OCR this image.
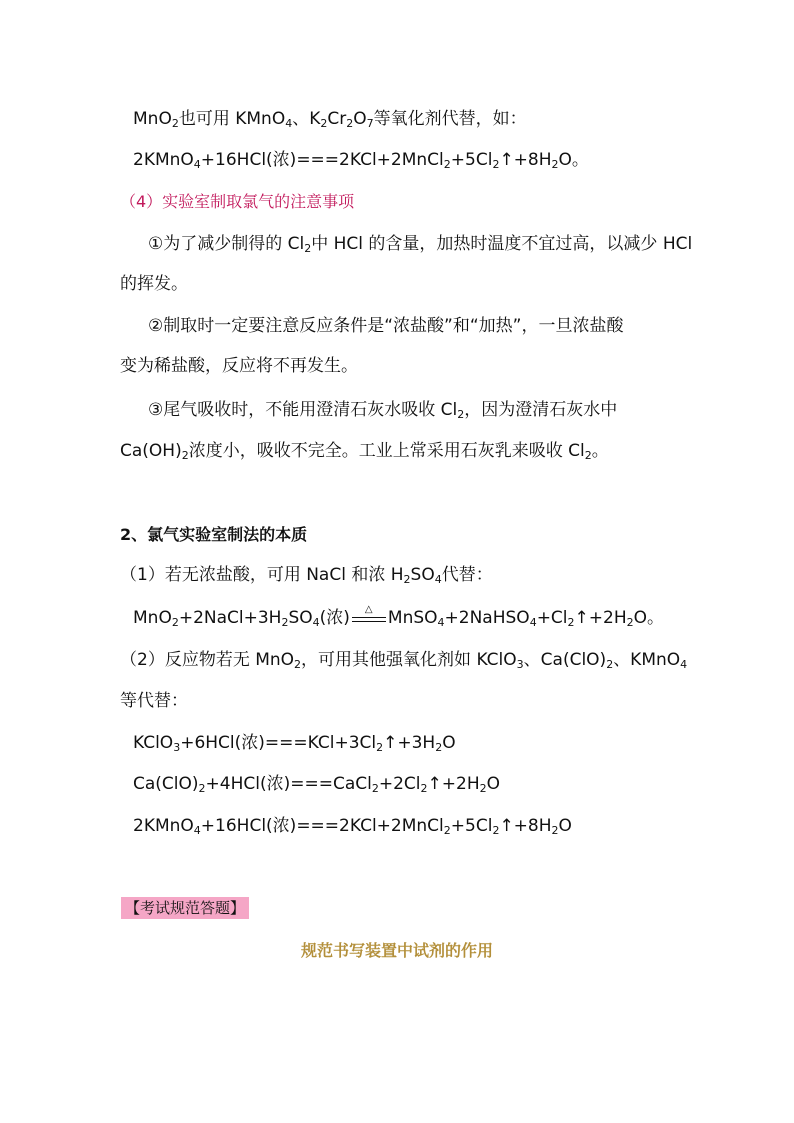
MnO$_2$也可用 KMnO$_4$、$K_2Cr_2O_7$等氧化剂代替，如：
2KMnO$_4$+16HCl(浓)$===2KCl+2MnCl_2+5Cl_2↑+8H_2O$。
（4）实验室制取氯气的注意事项
①为了减少制得的 $Cl_2$中 HCl 的含量，加热时温度不宜过高，以减少 HCl
的挥发。
②制取时一定要注意反应条件是“浓盐酸”和“加热”，一旦浓盐酸
变为稀盐酸，反应将不再发生。
③尾气吸收时，不能用澄清石灰水吸收 $Cl_2$，因为澄清石灰水中
$Ca(OH)_2$浓度小，吸收不完全。工业上常采用石灰乳来吸收 $Cl_2$。
2、氯气实验室制法的本质
（1）若无浓盐酸，可用 NaCl 和浓 $H_2SO_4$代替：
$MnO_2+2NaCl+3H_2SO_4$(浓) △ $MnSO_4+2NaHSO_4+Cl_2↑+2H_2O$。
（2）反应物若无 MnO$_2$，可用其他强氧化剂如 KClO$_3$、$Ca(ClO)_2$、KMnO$_4$
等代替：
KClO$_3$+6HCl(浓)$===KCl+3Cl_2↑+3H_2O$
$Ca(ClO)_2+4HCl$(浓)$===CaCl_2+2Cl_2↑+2H_2O$
2KMnO$_4$+16HCl(浓)$===2KCl+2MnCl_2+5Cl_2↑+8H_2O$
【考试规范答题】
规范书写装置中试剂的作用
